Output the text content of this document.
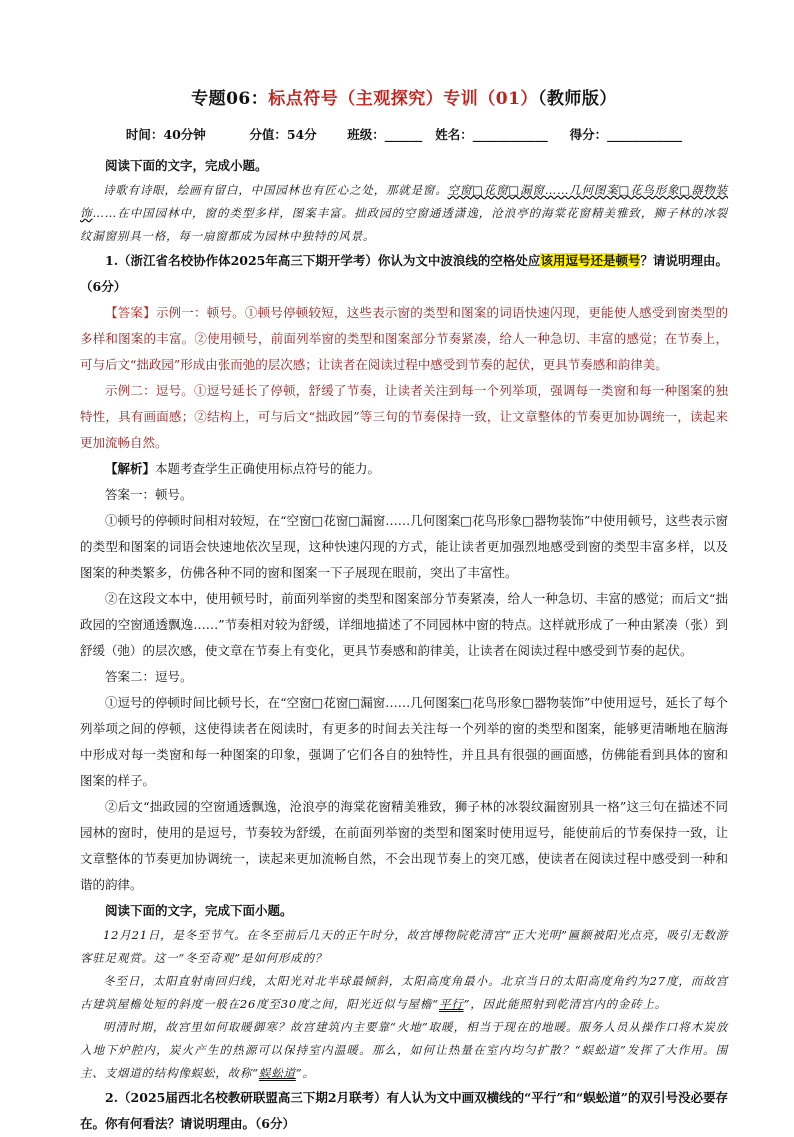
专题06：标点符号（主观探究）专训（01）（教师版）
时间：40分钟
	分值：54分
班级：______
姓名：____________
得分：____________

阅读下面的文字，完成小题。

诗歌有诗眼，绘画有留白，中国园林也有匠心之处，那就是窗。空窗□花窗□漏窗……几何图案□花鸟形象□器物装饰……在中国园林中，窗的类型多样，图案丰富。拙政园的空窗通透潇逸，沧浪亭的海棠花窗精美雅致，狮子林的冰裂纹漏窗别具一格，每一扇窗都成为园林中独特的风景。

1.（浙江省名校协作体2025年高三下期开学考）你认为文中波浪线的空格处应该用逗号还是顿号？请说明理由。（6分）

【答案】示例一：顿号。①顿号停顿较短，这些表示窗的类型和图案的词语快速闪现，更能使人感受到窗类型的多样和图案的丰富。②使用顿号，前面列举窗的类型和图案部分节奏紧凑，给人一种急切、丰富的感觉；在节奏上，可与后文“拙政园”形成由张而弛的层次感；让读者在阅读过程中感受到节奏的起伏，更具节奏感和韵律美。

示例二：逗号。①逗号延长了停顿，舒缓了节奏，让读者关注到每一个列举项，强调每一类窗和每一种图案的独特性，具有画面感；②结构上，可与后文“拙政园”等三句的节奏保持一致，让文章整体的节奏更加协调统一，读起来更加流畅自然。

【解析】本题考查学生正确使用标点符号的能力。

答案一：顿号。

①顿号的停顿时间相对较短，在“空窗□花窗□漏窗……几何图案□花鸟形象□器物装饰”中使用顿号，这些表示窗的类型和图案的词语会快速地依次呈现，这种快速闪现的方式，能让读者更加强烈地感受到窗的类型丰富多样，以及图案的种类繁多，仿佛各种不同的窗和图案一下子展现在眼前，突出了丰富性。

②在这段文本中，使用顿号时，前面列举窗的类型和图案部分节奏紧凑，给人一种急切、丰富的感觉；而后文“拙政园的空窗通透飘逸……”节奏相对较为舒缓，详细地描述了不同园林中窗的特点。这样就形成了一种由紧凑（张）到舒缓（弛）的层次感，使文章在节奏上有变化，更具节奏感和韵律美，让读者在阅读过程中感受到节奏的起伏。

答案二：逗号。

①逗号的停顿时间比顿号长，在“空窗□花窗□漏窗……几何图案□花鸟形象□器物装饰”中使用逗号，延长了每个列举项之间的停顿，这使得读者在阅读时，有更多的时间去关注每一个列举的窗的类型和图案，能够更清晰地在脑海中形成对每一类窗和每一种图案的印象，强调了它们各自的独特性，并且具有很强的画面感，仿佛能看到具体的窗和图案的样子。

②后文“拙政园的空窗通透飘逸，沧浪亭的海棠花窗精美雅致，狮子林的冰裂纹漏窗别具一格”这三句在描述不同园林的窗时，使用的是逗号，节奏较为舒缓，在前面列举窗的类型和图案时使用逗号，能使前后的节奏保持一致，让文章整体的节奏更加协调统一，读起来更加流畅自然，不会出现节奏上的突兀感，使读者在阅读过程中感受到一种和谐的韵律。

阅读下面的文字，完成下面小题。

12月21日，是冬至节气。在冬至前后几天的正午时分，故宫博物院乾清宫“正大光明”匾额被阳光点亮，吸引无数游客驻足观赏。这一“冬至奇观”是如何形成的？

冬至日，太阳直射南回归线，太阳光对北半球最倾斜，太阳高度角最小。北京当日的太阳高度角约为27度，而故宫古建筑屋檐处短的斜度一般在26度至30度之间，阳光近似与屋檐“平行”，因此能照射到乾清宫内的金砖上。

明清时期，故宫里如何取暖御寒？故宫建筑内主要靠“火地”取暖，相当于现在的地暖。服务人员从操作口将木炭放入地下炉腔内，炭火产生的热源可以保持室内温暖。那么，如何让热量在室内均匀扩散？“蜈蚣道”发挥了大作用。围主、支烟道的结构像蜈蚣，故称“蜈蚣道”。

2.（2025届西北名校教研联盟高三下期2月联考）有人认为文中画双横线的“平行”和“蜈蚣道”的双引号没必要存在。你有何看法？请说明理由。（6分）
